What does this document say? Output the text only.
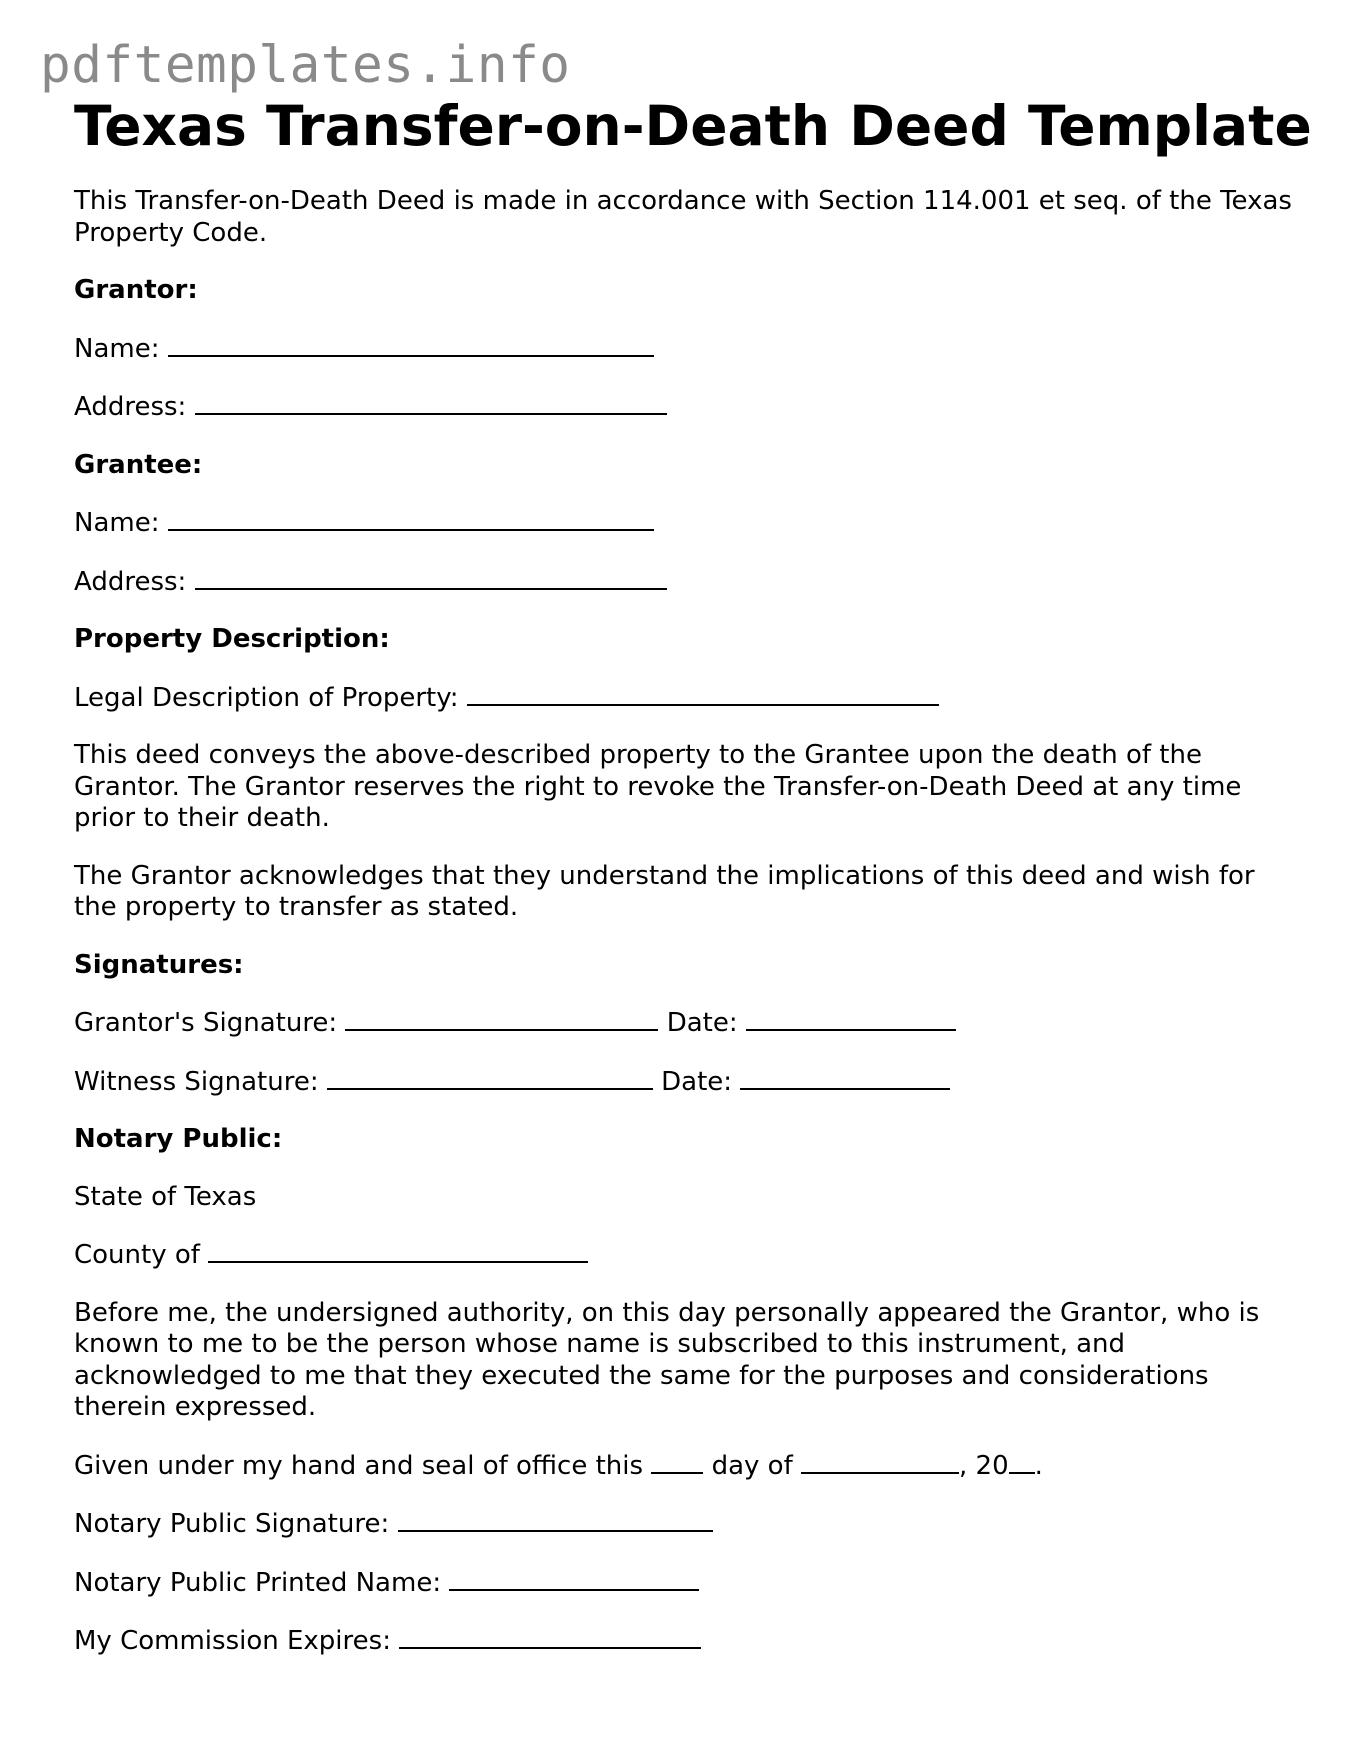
pdftemplates.info
Texas Transfer-on-Death Deed Template

This Transfer-on-Death Deed is made in accordance with Section 114.001 et seq. of the Texas Property Code.

Grantor:

Name:

Address:

Grantee:

Name:

Address:

Property Description:

Legal Description of Property:

This deed conveys the above-described property to the Grantee upon the death of the Grantor. The Grantor reserves the right to revoke the Transfer-on-Death Deed at any time prior to their death.

The Grantor acknowledges that they understand the implications of this deed and wish for the property to transfer as stated.

Signatures:

Grantor's Signature:	Date:

Witness Signature:	Date:

Notary Public:

State of Texas

County of

Before me, the undersigned authority, on this day personally appeared the Grantor, who is known to me to be the person whose name is subscribed to this instrument, and acknowledged to me that they executed the same for the purposes and considerations therein expressed.

Given under my hand and seal of office this	day of	, 20 .

Notary Public Signature:

Notary Public Printed Name:

My Commission Expires:
